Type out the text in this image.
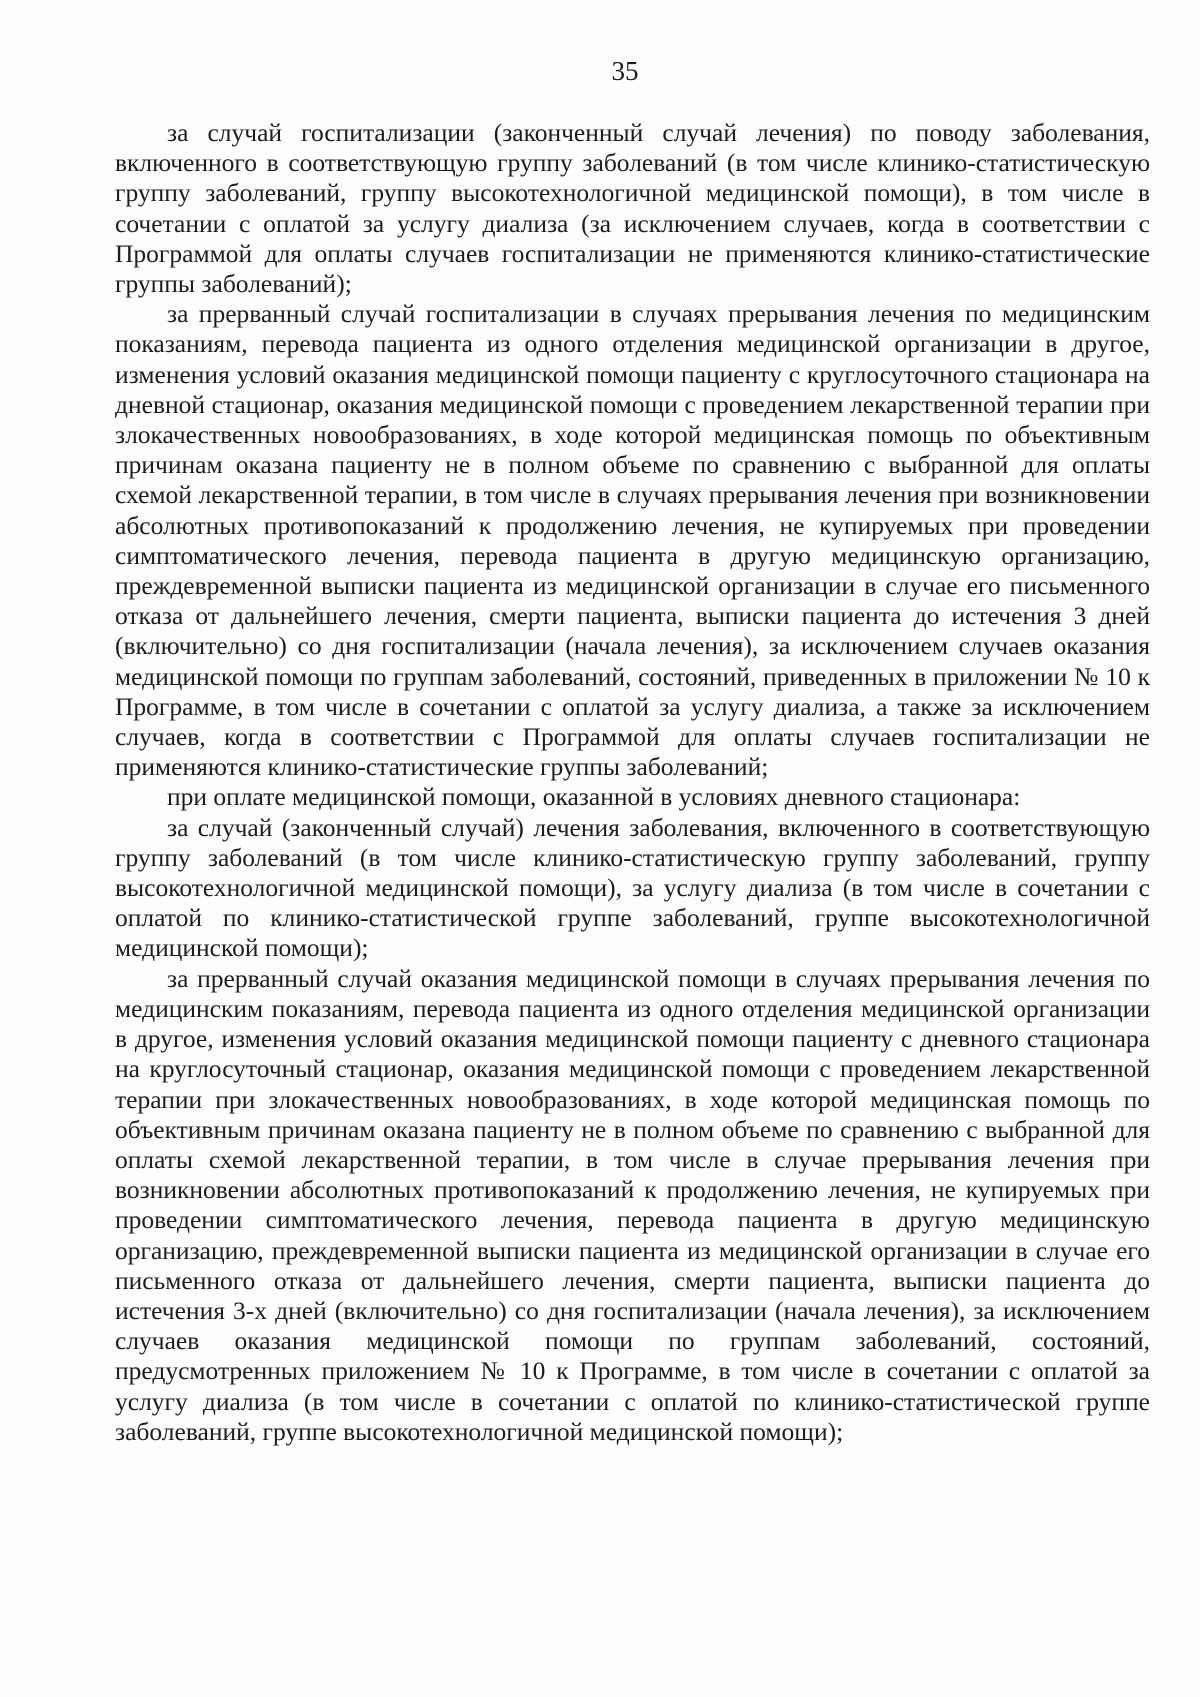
35

за случай госпитализации (законченный случай лечения) по поводу заболевания, включенного в соответствующую группу заболеваний (в том числе клинико-статистическую группу заболеваний, группу высокотехнологичной медицинской помощи), в том числе в сочетании с оплатой за услугу диализа (за исключением случаев, когда в соответствии с Программой для оплаты случаев госпитализации не применяются клинико-статистические группы заболеваний);

за прерванный случай госпитализации в случаях прерывания лечения по медицинским показаниям, перевода пациента из одного отделения медицинской организации в другое, изменения условий оказания медицинской помощи пациенту с круглосуточного стационара на дневной стационар, оказания медицинской помощи с проведением лекарственной терапии при злокачественных новообразованиях, в ходе которой медицинская помощь по объективным причинам оказана пациенту не в полном объеме по сравнению с выбранной для оплаты схемой лекарственной терапии, в том числе в случаях прерывания лечения при возникновении абсолютных противопоказаний к продолжению лечения, не купируемых при проведении симптоматического лечения, перевода пациента в другую медицинскую организацию, преждевременной выписки пациента из медицинской организации в случае его письменного отказа от дальнейшего лечения, смерти пациента, выписки пациента до истечения 3 дней (включительно) со дня госпитализации (начала лечения), за исключением случаев оказания медицинской помощи по группам заболеваний, состояний, приведенных в приложении № 10 к Программе, в том числе в сочетании с оплатой за услугу диализа, а также за исключением случаев, когда в соответствии с Программой для оплаты случаев госпитализации не применяются клинико-статистические группы заболеваний;

при оплате медицинской помощи, оказанной в условиях дневного стационара:

за случай (законченный случай) лечения заболевания, включенного в соответствующую группу заболеваний (в том числе клинико-статистическую группу заболеваний, группу высокотехнологичной медицинской помощи), за услугу диализа (в том числе в сочетании с оплатой по клинико-статистической группе заболеваний, группе высокотехнологичной медицинской помощи);

за прерванный случай оказания медицинской помощи в случаях прерывания лечения по медицинским показаниям, перевода пациента из одного отделения медицинской организации в другое, изменения условий оказания медицинской помощи пациенту с дневного стационара на круглосуточный стационар, оказания медицинской помощи с проведением лекарственной терапии при злокачественных новообразованиях, в ходе которой медицинская помощь по объективным причинам оказана пациенту не в полном объеме по сравнению с выбранной для оплаты схемой лекарственной терапии, в том числе в случае прерывания лечения при возникновении абсолютных противопоказаний к продолжению лечения, не купируемых при проведении симптоматического лечения, перевода пациента в другую медицинскую организацию, преждевременной выписки пациента из медицинской организации в случае его письменного отказа от дальнейшего лечения, смерти пациента, выписки пациента до истечения 3-х дней (включительно) со дня госпитализации (начала лечения), за исключением случаев оказания медицинской помощи по группам заболеваний, состояний, предусмотренных приложением № 10 к Программе, в том числе в сочетании с оплатой за услугу диализа (в том числе в сочетании с оплатой по клинико-статистической группе заболеваний, группе высокотехнологичной медицинской помощи);
